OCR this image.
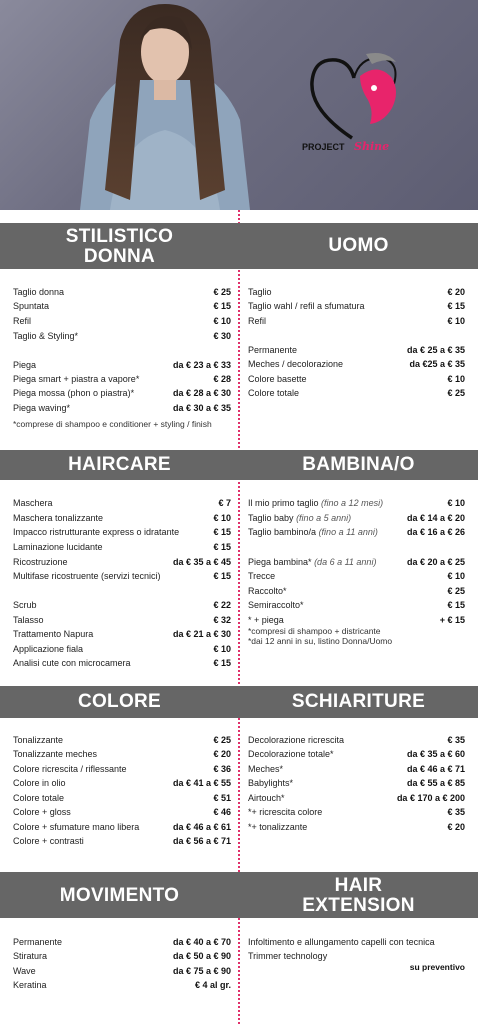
PROJECT Shine
STILISTICO
DONNA
UOMO
Taglio donna	€ 25
Spuntata	€ 15
Refil	€ 10
Taglio & Styling*	€ 30
Piega	da € 23 a € 33
Piega smart + piastra a vapore*	€ 28
Piega mossa (phon o piastra)*	da € 28 a € 30
Piega waving*	da € 30 a € 35
*comprese di shampoo e conditioner + styling / finish
Taglio	€ 20
Taglio wahl / refil a sfumatura	€ 15
Refil	€ 10
Permanente	da € 25 a € 35
Meches / decolorazione	da €25 a € 35
Colore basette	€ 10
Colore totale	€ 25
HAIRCARE	BAMBINA/O
Maschera	€ 7
Maschera tonalizzante	€ 10
Impacco ristrutturante express o idratante	€ 15
Laminazione lucidante	€ 15
Ricostruzione	da € 35 a € 45
Multifase ricostruente (servizi tecnici)	€ 15
Scrub	€ 22
Talasso	€ 32
Trattamento Napura	da € 21 a € 30
Applicazione fiala	€ 10
Analisi cute con microcamera	€ 15
Il mio primo taglio (fino a 12 mesi)	€ 10
Taglio baby (fino a 5 anni)	da € 14 a € 20
Taglio bambino/a (fino a 11 anni)	da € 16 a € 26
Piega bambina* (da 6 a 11 anni)	da € 20 a € 25
Trecce	€ 10
Raccolto*	€ 25
Semiraccolto*	€ 15
* + piega	+ € 15
*compresi di shampoo + districante
*dai 12 anni in su, listino Donna/Uomo
COLORE	SCHIARITURE
Tonalizzante	€ 25
Tonalizzante meches	€ 20
Colore ricrescita / riflessante	€ 36
Colore in olio	da € 41 a € 55
Colore totale	€ 51
Colore + gloss	€ 46
Colore + sfumature mano libera	da € 46 a € 61
Colore + contrasti	da € 56 a € 71
Decolorazione ricrescita	€ 35
Decolorazione totale*	da € 35 a € 60
Meches*	da € 46 a € 71
Babylights*	da € 55 a € 85
Airtouch*	da € 170 a € 200
*+ ricrescita colore	€ 35
*+ tonalizzante	€ 20
MOVIMENTO	HAIR
EXTENSION
Permanente	da € 40 a € 70
Stiratura	da € 50 a € 90
Wave	da € 75 a € 90
Keratina	€ 4 al gr.
Infoltimento e allungamento capelli con tecnica
Trimmer technology
su preventivo
